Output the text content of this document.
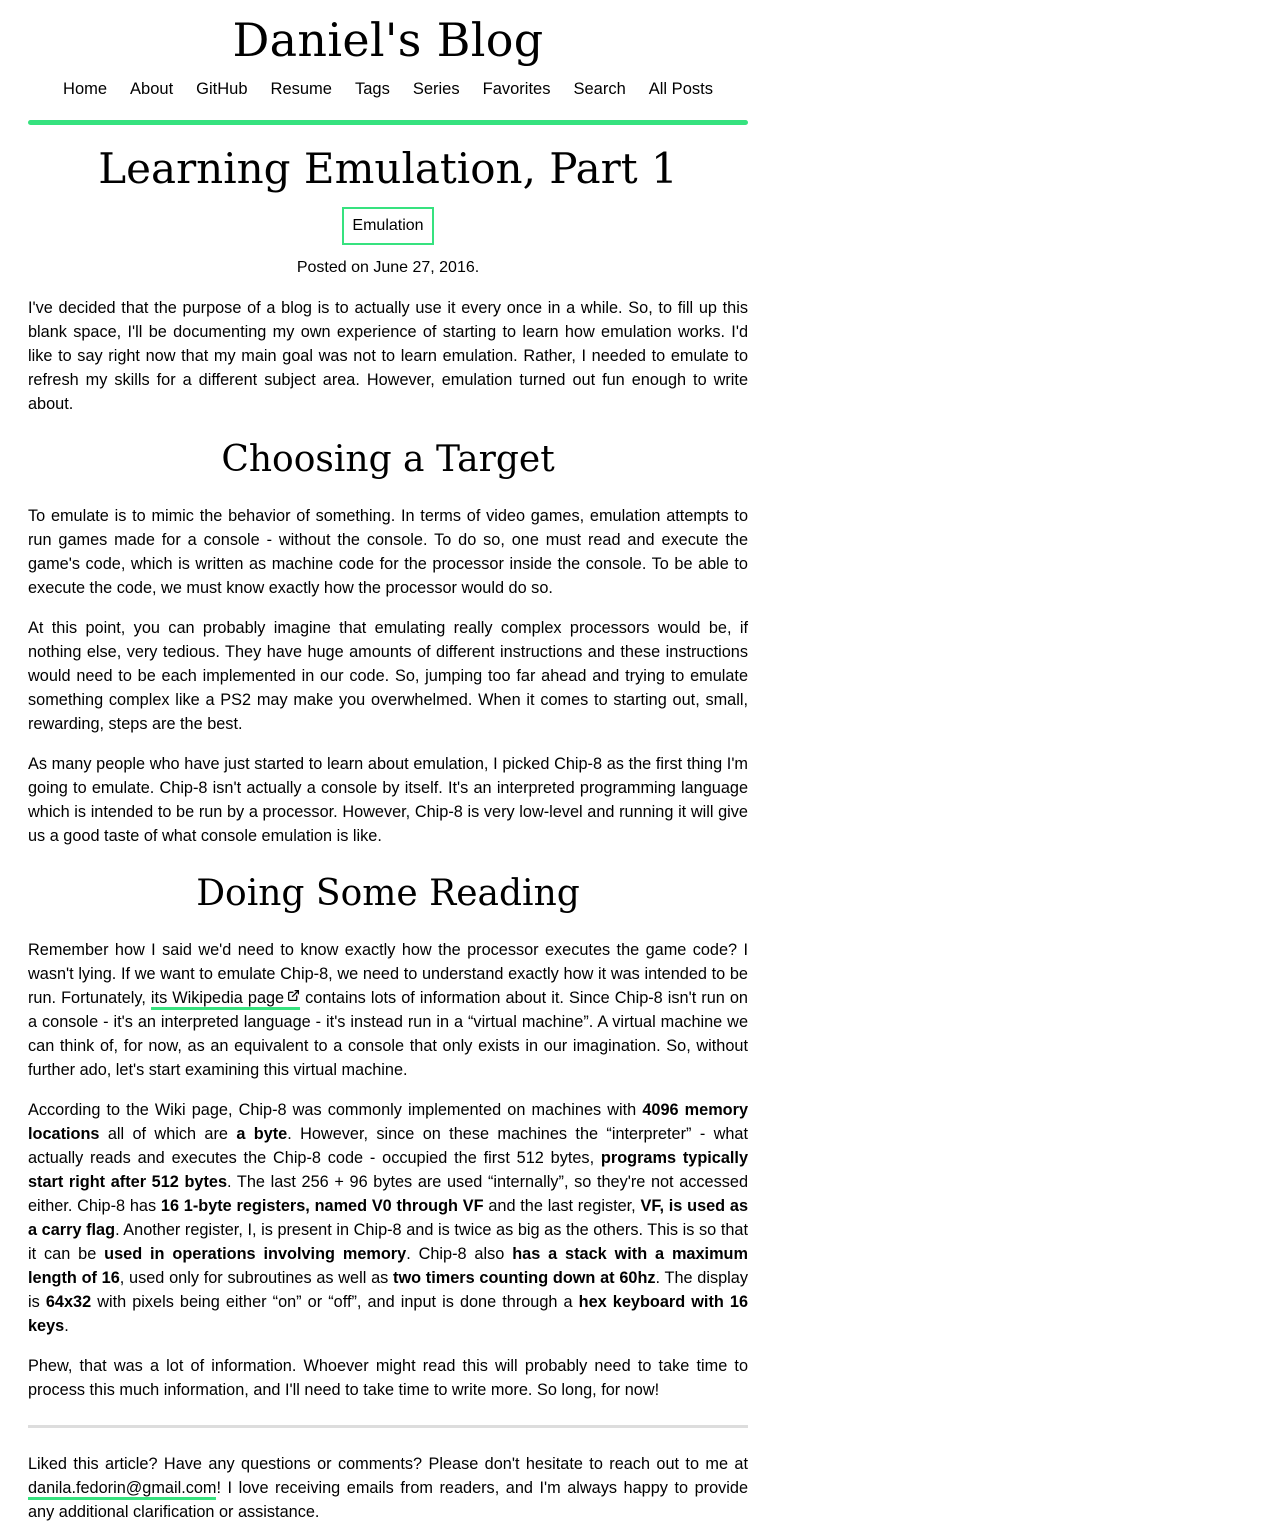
Daniel's Blog
Home About GitHub Resume Tags Series Favorites Search All Posts
Learning Emulation, Part 1
Emulation
Posted on June 27, 2016.

I've decided that the purpose of a blog is to actually use it every once in a while. So, to fill up this blank space, I'll be documenting my own experience of starting to learn how emulation works. I'd like to say right now that my main goal was not to learn emulation. Rather, I needed to emulate to refresh my skills for a different subject area. However, emulation turned out fun enough to write about.

Choosing a Target

To emulate is to mimic the behavior of something. In terms of video games, emulation attempts to run games made for a console - without the console. To do so, one must read and execute the game's code, which is written as machine code for the processor inside the console. To be able to execute the code, we must know exactly how the processor would do so.

At this point, you can probably imagine that emulating really complex processors would be, if nothing else, very tedious. They have huge amounts of different instructions and these instructions would need to be each implemented in our code. So, jumping too far ahead and trying to emulate something complex like a PS2 may make you overwhelmed. When it comes to starting out, small, rewarding, steps are the best.

As many people who have just started to learn about emulation, I picked Chip-8 as the first thing I'm going to emulate. Chip-8 isn't actually a console by itself. It's an interpreted programming language which is intended to be run by a processor. However, Chip-8 is very low-level and running it will give us a good taste of what console emulation is like.

Doing Some Reading

Remember how I said we'd need to know exactly how the processor executes the game code? I wasn't lying. If we want to emulate Chip-8, we need to understand exactly how it was intended to be run. Fortunately, its Wikipedia page contains lots of information about it. Since Chip-8 isn't run on a console - it's an interpreted language - it's instead run in a “virtual machine”. A virtual machine we can think of, for now, as an equivalent to a console that only exists in our imagination. So, without further ado, let's start examining this virtual machine.

According to the Wiki page, Chip-8 was commonly implemented on machines with 4096 memory locations all of which are a byte. However, since on these machines the “interpreter” - what actually reads and executes the Chip-8 code - occupied the first 512 bytes, programs typically start right after 512 bytes. The last 256 + 96 bytes are used “internally”, so they're not accessed either. Chip-8 has 16 1-byte registers, named V0 through VF and the last register, VF, is used as a carry flag. Another register, I, is present in Chip-8 and is twice as big as the others. This is so that it can be used in operations involving memory. Chip-8 also has a stack with a maximum length of 16, used only for subroutines as well as two timers counting down at 60hz. The display is 64x32 with pixels being either “on” or “off”, and input is done through a hex keyboard with 16 keys.

Phew, that was a lot of information. Whoever might read this will probably need to take time to process this much information, and I'll need to take time to write more. So long, for now!

Liked this article? Have any questions or comments? Please don't hesitate to reach out to me at danila.fedorin@gmail.com! I love receiving emails from readers, and I'm always happy to provide any additional clarification or assistance.
